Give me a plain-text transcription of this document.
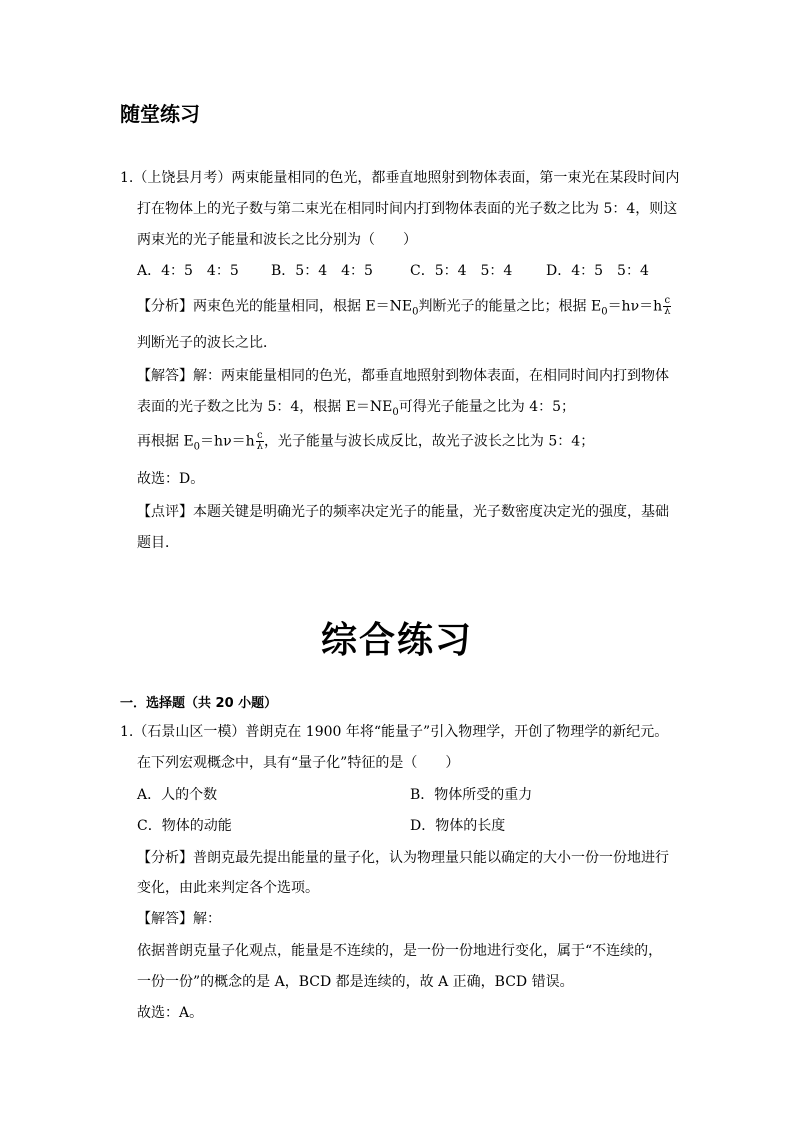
随堂练习
1.（上饶县月考）两束能量相同的色光，都垂直地照射到物体表面，第一束光在某段时间内
打在物体上的光子数与第二束光在相同时间内打到物体表面的光子数之比为 5：4，则这
两束光的光子能量和波长之比分别为（　　）
A．4：5　4：5 B．5：4　4：5	C．5：4　5：4 D．4：5　5：4
【分析】两束色光的能量相同，根据 $E=NE_0$判断光子的能量之比；根据 $E_0=h\nu=h \frac{c}{\lambda}$
判断光子的波长之比．
【解答】解：两束能量相同的色光，都垂直地照射到物体表面，在相同时间内打到物体
表面的光子数之比为 5：4，根据 $E=NE_0$可得光子能量之比为 4：5；
再根据 $E_0=h\nu=h \frac{c}{\lambda}$ ，光子能量与波长成反比，故光子波长之比为 5：4；
故选：D。
【点评】本题关键是明确光子的频率决定光子的能量，光子数密度决定光的强度，基础
题目．
综合练习
一．选择题（共 20 小题）
1.（石景山区一模）普朗克在 1900 年将“能量子”引入物理学，开创了物理学的新纪元。
在下列宏观概念中，具有“量子化”特征的是（　　）
A．人的个数	B．物体所受的重力
C．物体的动能	D．物体的长度
【分析】普朗克最先提出能量的量子化，认为物理量只能以确定的大小一份一份地进行
变化，由此来判定各个选项。
【解答】解：
依据普朗克量子化观点，能量是不连续的，是一份一份地进行变化，属于“不连续的，
一份一份”的概念的是 A，BCD 都是连续的，故 A 正确，BCD 错误。
故选：A。
